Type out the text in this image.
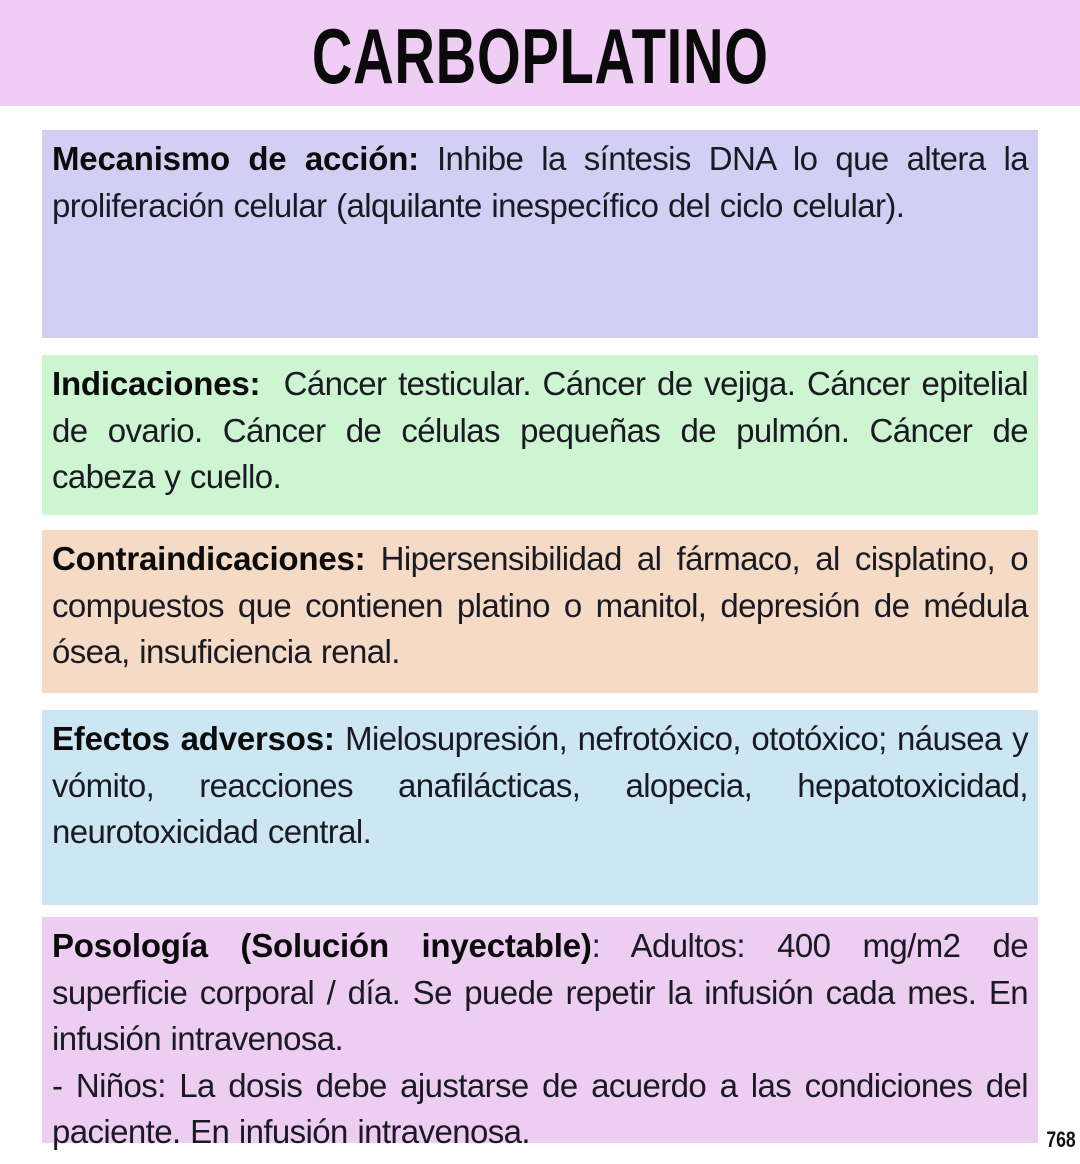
CARBOPLATINO

Mecanismo de acción: Inhibe la síntesis DNA lo que altera la proliferación celular (alquilante inespecífico del ciclo celular).

Indicaciones:  Cáncer testicular. Cáncer de vejiga. Cáncer epitelial de ovario. Cáncer de células pequeñas de pulmón. Cáncer de cabeza y cuello.

Contraindicaciones: Hipersensibilidad al fármaco, al cisplatino, o compuestos que contienen platino o manitol, depresión de médula ósea, insuficiencia renal.

Efectos adversos: Mielosupresión, nefrotóxico, ototóxico; náusea y vómito, reacciones anafilácticas, alopecia, hepatotoxicidad, neurotoxicidad central.

Posología (Solución inyectable): Adultos: 400 mg/m2 de superficie corporal / día. Se puede repetir la infusión cada mes. En infusión intravenosa.

- Niños: La dosis debe ajustarse de acuerdo a las condiciones del paciente. En infusión intravenosa.	768
